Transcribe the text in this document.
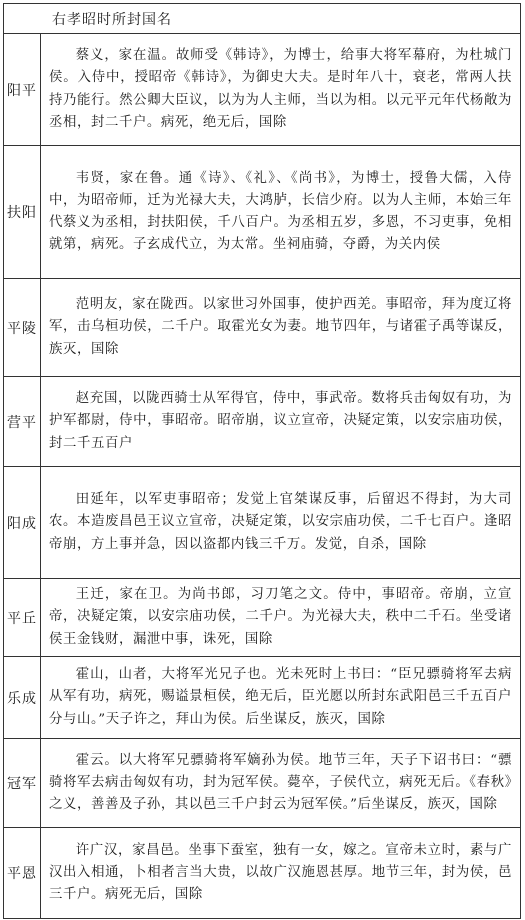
右孝昭时所封国名	
阳平	蔡义，家在温。故师受《韩诗》，为博士，给事大将军幕府，为杜城门侯。入侍中，授昭帝《韩诗》，为御史大夫。是时年八十，衰老，常两人扶持乃能行。然公卿大臣议，以为为人主师，当以为相。以元平元年代杨敞为丞相，封二千户。病死，绝无后，国除
扶阳	韦贤，家在鲁。通《诗》、《礼》、《尚书》，为博士，授鲁大儒，入侍中，为昭帝师，迁为光禄大夫，大鸿胪，长信少府。以为人主师，本始三年代蔡义为丞相，封扶阳侯，千八百户。为丞相五岁，多恩，不习吏事，免相就第，病死。子玄成代立，为太常。坐祠庙骑，夺爵，为关内侯
平陵	范明友，家在陇西。以家世习外国事，使护西羌。事昭帝，拜为度辽将军，击乌桓功侯，二千户。取霍光女为妻。地节四年，与诸霍子禹等谋反，族灭，国除
营平	赵充国，以陇西骑士从军得官，侍中，事武帝。数将兵击匈奴有功，为护军都尉，侍中，事昭帝。昭帝崩，议立宣帝，决疑定策，以安宗庙功侯，封二千五百户
阳成	田延年，以军吏事昭帝；发觉上官桀谋反事，后留迟不得封，为大司农。本造废昌邑王议立宣帝，决疑定策，以安宗庙功侯，二千七百户。逢昭帝崩，方上事并急，因以盗都内钱三千万。发觉，自杀，国除
平丘	王迁，家在卫。为尚书郎，习刀笔之文。侍中，事昭帝。帝崩，立宣帝，决疑定策，以安宗庙功侯，二千户。为光禄大夫，秩中二千石。坐受诸侯王金钱财，漏泄中事，诛死，国除
乐成	霍山，山者，大将军光兄子也。光未死时上书曰：“臣兄骠骑将军去病从军有功，病死，赐谥景桓侯，绝无后，臣光愿以所封东武阳邑三千五百户分与山。”天子许之，拜山为侯。后坐谋反，族灭，国除
冠军	霍云。以大将军兄骠骑将军嫡孙为侯。地节三年，天子下诏书曰：“骠骑将军去病击匈奴有功，封为冠军侯。薨卒，子侯代立，病死无后。《春秋》之义，善善及子孙，其以邑三千户封云为冠军侯。”后坐谋反，族灭，国除
平恩	许广汉，家昌邑。坐事下蚕室，独有一女，嫁之。宣帝未立时，素与广汉出入相通，卜相者言当大贵，以故广汉施恩甚厚。地节三年，封为侯，邑三千户。病死无后，国除
